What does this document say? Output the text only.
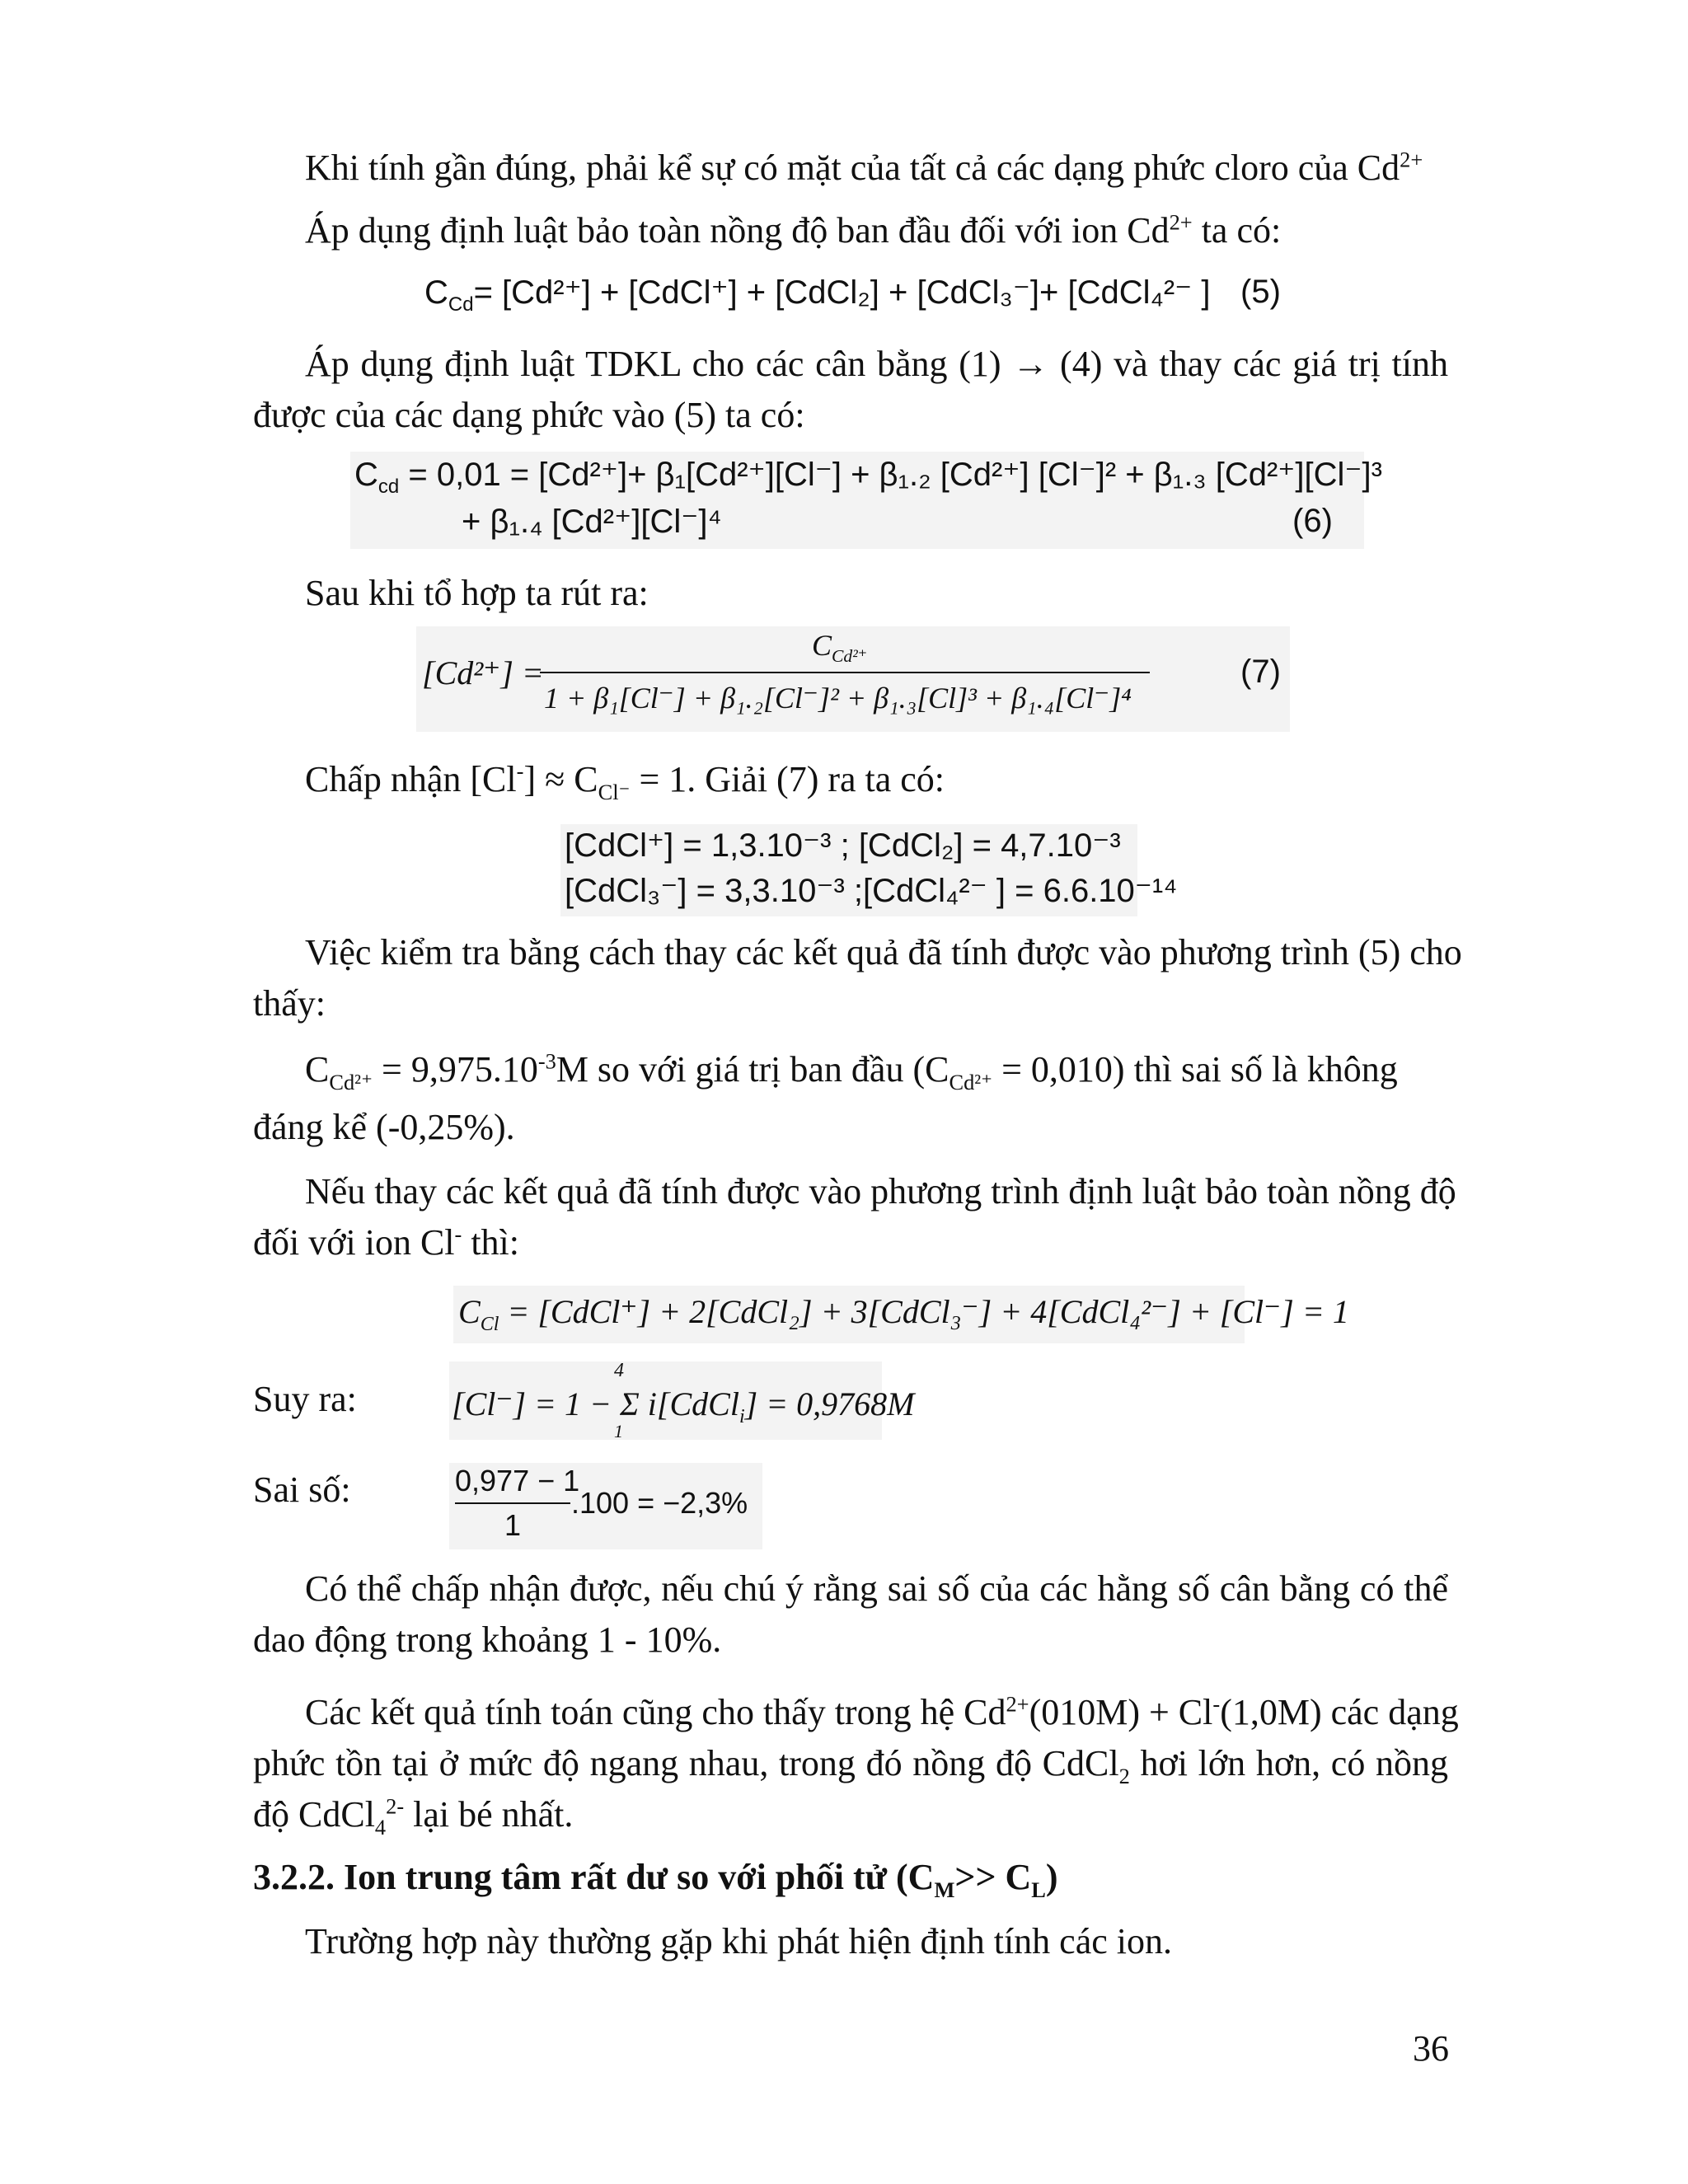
Khi tính gần đúng, phải kể sự có mặt của tất cả các dạng phức cloro của $Cd^{2+}$
Áp dụng định luật bảo toàn nồng độ ban đầu đối với ion $Cd^{2+}$ ta có:
$C_{Cd}= [Cd^{2+}]$ + [CdCl⁺] + [CdCl₂] + [CdCl₃⁻]+ [CdCl₄²⁻ ] (5)
Áp dụng định luật TDKL cho các cân bằng (1) → (4) và thay các giá trị tính
được của các dạng phức vào (5) ta có:
$C_{cd} = 0,01 = [Cd^{2+}]+ \beta_1[Cd^{2+}][Cl^-] + \beta_1._2$ [Cd²⁺] [Cl⁻]² + β₁.₃ [Cd²⁺][Cl⁻]³
+ β₁.₄ [Cd²⁺][Cl⁻]⁴	(6)
Sau khi tổ hợp ta rút ra:
[Cd²⁺] =
$C_{Cd^{2+}}$
1 + β₁[Cl⁻] + β₁.₂[Cl⁻]² + β₁.₃[Cl]³ + β₁.₄[Cl⁻]⁴
(7)
Chấp nhận $[Cl^-] \approx C_{Cl^-} = 1$. Giải (7) ra ta có:
[CdCl⁺] = 1,3.10⁻³ ; [CdCl₂] = 4,7.10⁻³
[CdCl₃⁻] = 3,3.10⁻³ ;[CdCl₄²⁻ ] = 6.6.10⁻¹⁴
Việc kiểm tra bằng cách thay các kết quả đã tính được vào phương trình (5) cho
thấy:
$C_{Cd^{2+}} = 9,975.10^{-3}M$ so với giá trị ban đầu $(C_{Cd^{2+}} = 0,010)$ thì sai số là không
đáng kể (-0,25%).
Nếu thay các kết quả đã tính được vào phương trình định luật bảo toàn nồng độ
đối với ion Cl- thì:
$C_{Cl}$ = [CdCl⁺] + 2[CdCl₂] + 3[CdCl₃⁻] + 4[CdCl₄²⁻] + [Cl⁻] = 1
Suy ra:
4
1
[Cl⁻] = 1 − Σ i[CdCl$_i$] = 0,9768M
Sai số:	0,977 − 1
1
.100 = −2,3%
Có thể chấp nhận được, nếu chú ý rằng sai số của các hằng số cân bằng có thể
dao động trong khoảng 1 - 10%.
Các kết quả tính toán cũng cho thấy trong hệ $Cd^{2+}(010M) + Cl^-(1,0M)$ các dạng
phức tồn tại ở mức độ ngang nhau, trong đó nồng độ CdCl$_2$ hơi lớn hơn, có nồng
độ CdCl$_4^{2-}$ lại bé nhất.
3.2.2. Ion trung tâm rất dư so với phối tử $(C_M>> C_L)$
Trường hợp này thường gặp khi phát hiện định tính các ion.
36
